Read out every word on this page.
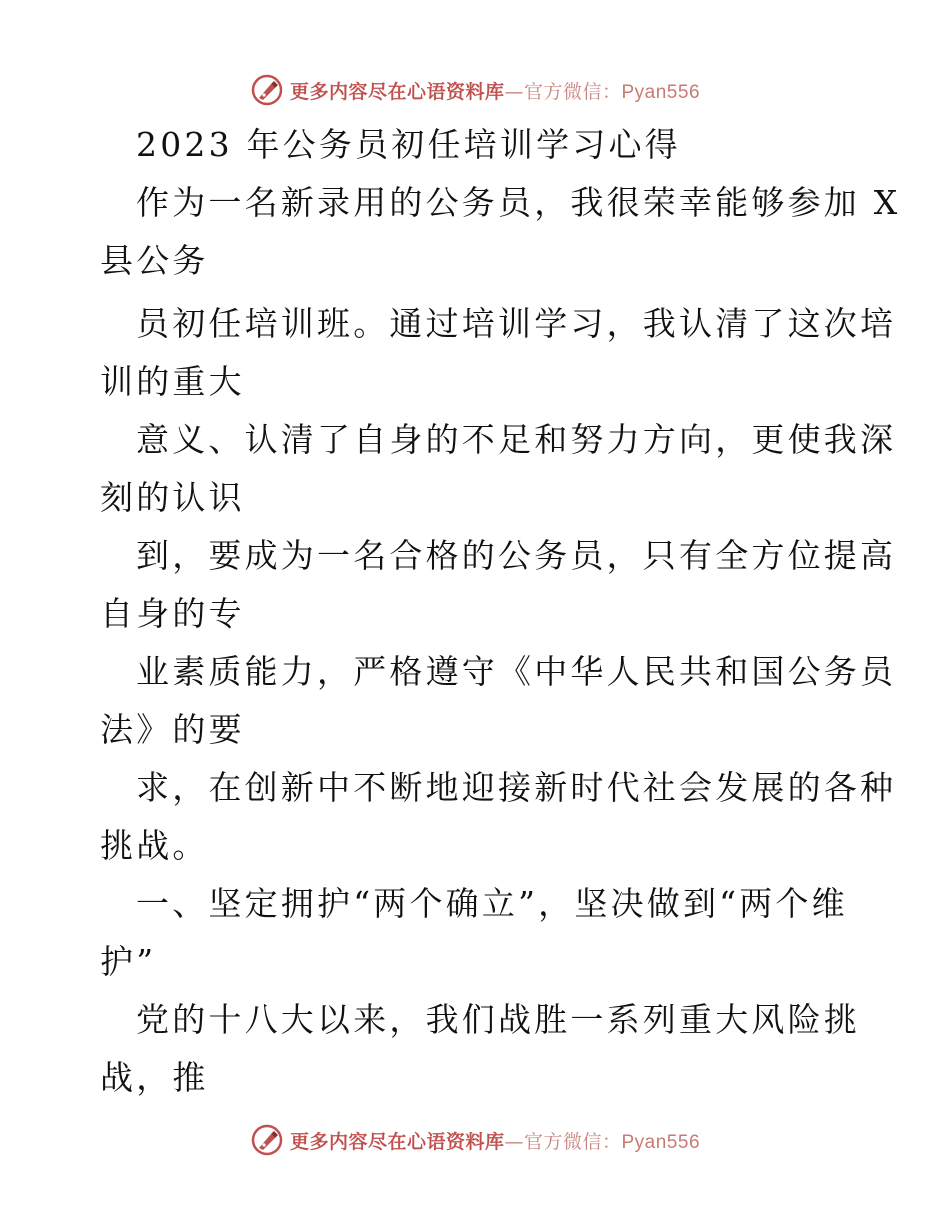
更多内容尽在心语资料库—官方微信：Pyan556
2023 年公务员初任培训学习心得
作为一名新录用的公务员，我很荣幸能够参加 X
县公务
员初任培训班。通过培训学习，我认清了这次培
训的重大
意义、认清了自身的不足和努力方向，更使我深
刻的认识
到，要成为一名合格的公务员，只有全方位提高
自身的专
业素质能力，严格遵守《中华人民共和国公务员
法》的要
求，在创新中不断地迎接新时代社会发展的各种
挑战。
一、坚定拥护“两个确立”，坚决做到“两个维
护”
党的十八大以来，我们战胜一系列重大风险挑
战，推
更多内容尽在心语资料库—官方微信：Pyan556
